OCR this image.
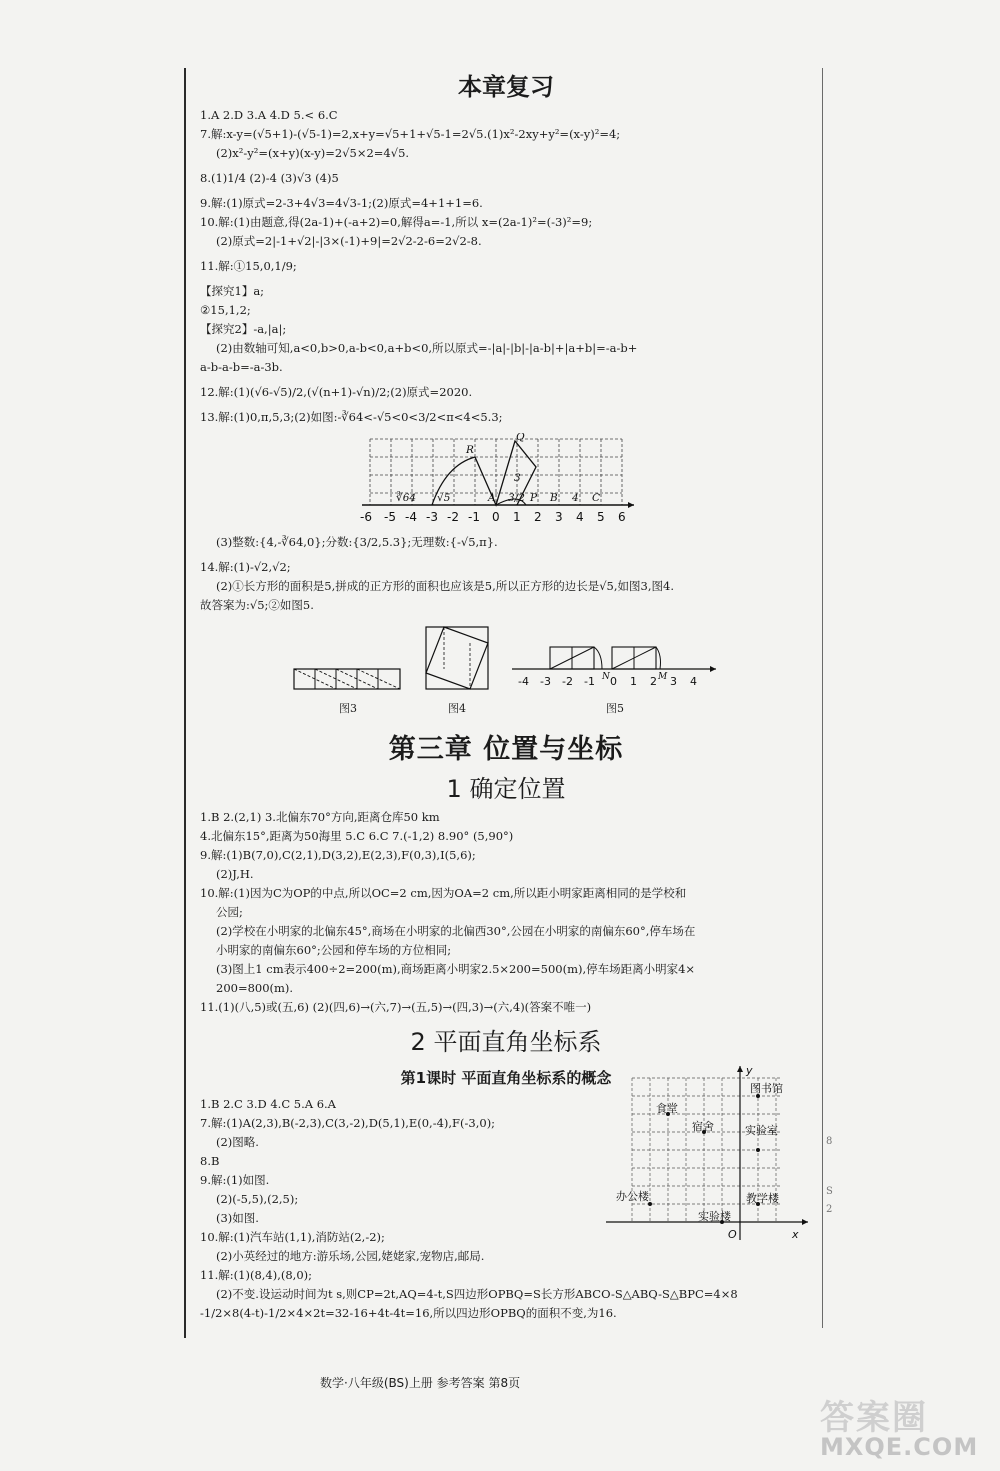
8
S
2
本章复习
1.A 2.D 3.A 4.D 5.< 6.C
7.解:x-y=(√5+1)-(√5-1)=2,x+y=√5+1+√5-1=2√5.(1)x²-2xy+y²=(x-y)²=4;
(2)x²-y²=(x+y)(x-y)=2√5×2=4√5.
8.(1)1/4 (2)-4 (3)√3 (4)5
9.解:(1)原式=2-3+4√3=4√3-1;(2)原式=4+1+1=6.
10.解:(1)由题意,得(2a-1)+(-a+2)=0,解得a=-1,所以 x=(2a-1)²=(-3)²=9;
(2)原式=2|-1+√2|-|3×(-1)+9|=2√2-2-6=2√2-8.
11.解:①15,0,1/9;
【探究1】a;
②15,1,2;
【探究2】-a,|a|;
(2)由数轴可知,a<0,b>0,a-b<0,a+b<0,所以原式=-|a|-|b|-|a-b|+|a+b|=-a-b+
a-b-a-b=-a-3b.
12.解:(1)(√6-√5)/2,(√(n+1)-√n)/2;(2)原式=2020.
13.解:(1)0,π,5,3;(2)如图:-∛64<-√5<0<3/2<π<4<5.3;
-6 -5 -4 -3 -2 -1 0 1 2 3 4 5 6
Q
R
∛64 √5	A 3/2 P B 4 C
3
(3)整数:{4,-∛64,0};分数:{3/2,5.3};无理数:{-√5,π}.
14.解:(1)-√2,√2;
(2)①长方形的面积是5,拼成的正方形的面积也应该是5,所以正方形的边长是√5,如图3,图4.
故答案为:√5;②如图5.
图3	图4
-4 -3 -2 -1 0 1 2 3 4
N	M
图5
第三章 位置与坐标
1 确定位置
1.B 2.(2,1) 3.北偏东70°方向,距离仓库50 km
4.北偏东15°,距离为50海里 5.C 6.C 7.(-1,2) 8.90° (5,90°)
9.解:(1)B(7,0),C(2,1),D(3,2),E(2,3),F(0,3),I(5,6);
(2)J,H.
10.解:(1)因为C为OP的中点,所以OC=2 cm,因为OA=2 cm,所以距小明家距离相同的是学校和
公园;
(2)学校在小明家的北偏东45°,商场在小明家的北偏西30°,公园在小明家的南偏东60°,停车场在
小明家的南偏东60°;公园和停车场的方位相同;
(3)图上1 cm表示400÷2=200(m),商场距离小明家2.5×200=500(m),停车场距离小明家4×
200=800(m).
11.(1)(八,5)或(五,6) (2)(四,6)→(六,7)→(五,5)→(四,3)→(六,4)(答案不唯一)
2 平面直角坐标系
第1课时 平面直角坐标系的概念
1.B 2.C 3.D 4.C 5.A 6.A
7.解:(1)A(2,3),B(-2,3),C(3,-2),D(5,1),E(0,-4),F(-3,0);
(2)图略.
8.B
9.解:(1)如图.
(2)(-5,5),(2,5);
(3)如图.
10.解:(1)汽车站(1,1),消防站(2,-2);
(2)小英经过的地方:游乐场,公园,姥姥家,宠物店,邮局.
11.解:(1)(8,4),(8,0);
(2)不变.设运动时间为t s,则CP=2t,AQ=4-t,S四边形OPBQ=S长方形ABCO-S△ABQ-S△BPC=4×8
-1/2×8(4-t)-1/2×4×2t=32-16+4t-4t=16,所以四边形OPBQ的面积不变,为16.
图书馆
食堂
实验室
宿舍
办公楼	教学楼
实验楼
x
y
O
数学·八年级(BS)上册 参考答案 第8页
答案圈
MXQE.COM
